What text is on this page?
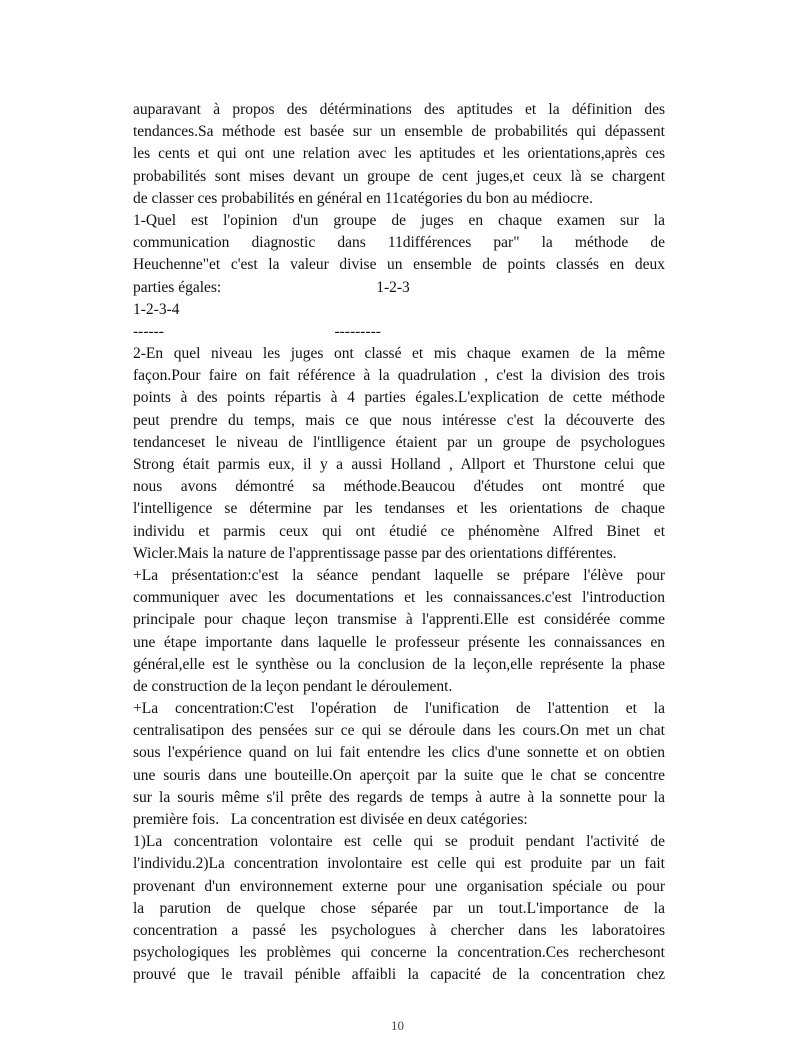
auparavant à propos des détérminations des aptitudes et la définition des
tendances.Sa méthode est basée sur un ensemble de probabilités qui dépassent
les cents et qui ont une relation avec les aptitudes et les orientations,après ces
probabilités sont mises devant un groupe de cent juges,et ceux là se chargent
de classer ces probabilités en général en 11catégories du bon au médiocre.
1-Quel est l'opinion d'un groupe de juges en chaque examen sur la
communication diagnostic dans 11différences par" la méthode de
Heuchenne"et c'est la valeur divise un ensemble de points classés en deux
parties égales:                                        1-2-3
1-2-3-4
------                                            ---------
2-En quel niveau les juges ont classé et mis chaque examen de la même
façon.Pour faire on fait référence à la quadrulation , c'est la division des trois
points à des points répartis à 4 parties égales.L'explication de cette méthode
peut prendre du temps, mais ce que nous intéresse c'est la découverte des
tendanceset le niveau de l'intlligence étaient par un groupe de psychologues
Strong était parmis eux, il y a aussi Holland , Allport et Thurstone celui que
nous avons démontré sa méthode.Beaucou d'études ont montré que
l'intelligence se détermine par les tendanses et les orientations de chaque
individu et parmis ceux qui ont étudié ce phénomène Alfred Binet et
Wicler.Mais la nature de l'apprentissage passe par des orientations différentes.
+La présentation:c'est la séance pendant laquelle se prépare l'élève pour
communiquer avec les documentations et les connaissances.c'est l'introduction
principale pour chaque leçon transmise à l'apprenti.Elle est considérée comme
une étape importante dans laquelle le professeur présente les connaissances en
général,elle est le synthèse ou la conclusion de la leçon,elle représente la phase
de construction de la leçon pendant le déroulement.
+La concentration:C'est l'opération de l'unification de l'attention et la
centralisatipon des pensées sur ce qui se déroule dans les cours.On met un chat
sous l'expérience quand on lui fait entendre les clics d'une sonnette et on obtien
une souris dans une bouteille.On aperçoit par la suite que le chat se concentre
sur la souris même s'il prête des regards de temps à autre à la sonnette pour la
première fois.   La concentration est divisée en deux catégories:
1)La concentration volontaire est celle qui se produit pendant l'activité de
l'individu.2)La concentration involontaire est celle qui est produite par un fait
provenant d'un environnement externe pour une organisation spéciale ou pour
la parution de quelque chose séparée par un tout.L'importance de la
concentration a passé les psychologues à chercher dans les laboratoires
psychologiques les problèmes qui concerne la concentration.Ces recherchesont
prouvé que le travail pénible affaibli la capacité de la concentration chez
10
